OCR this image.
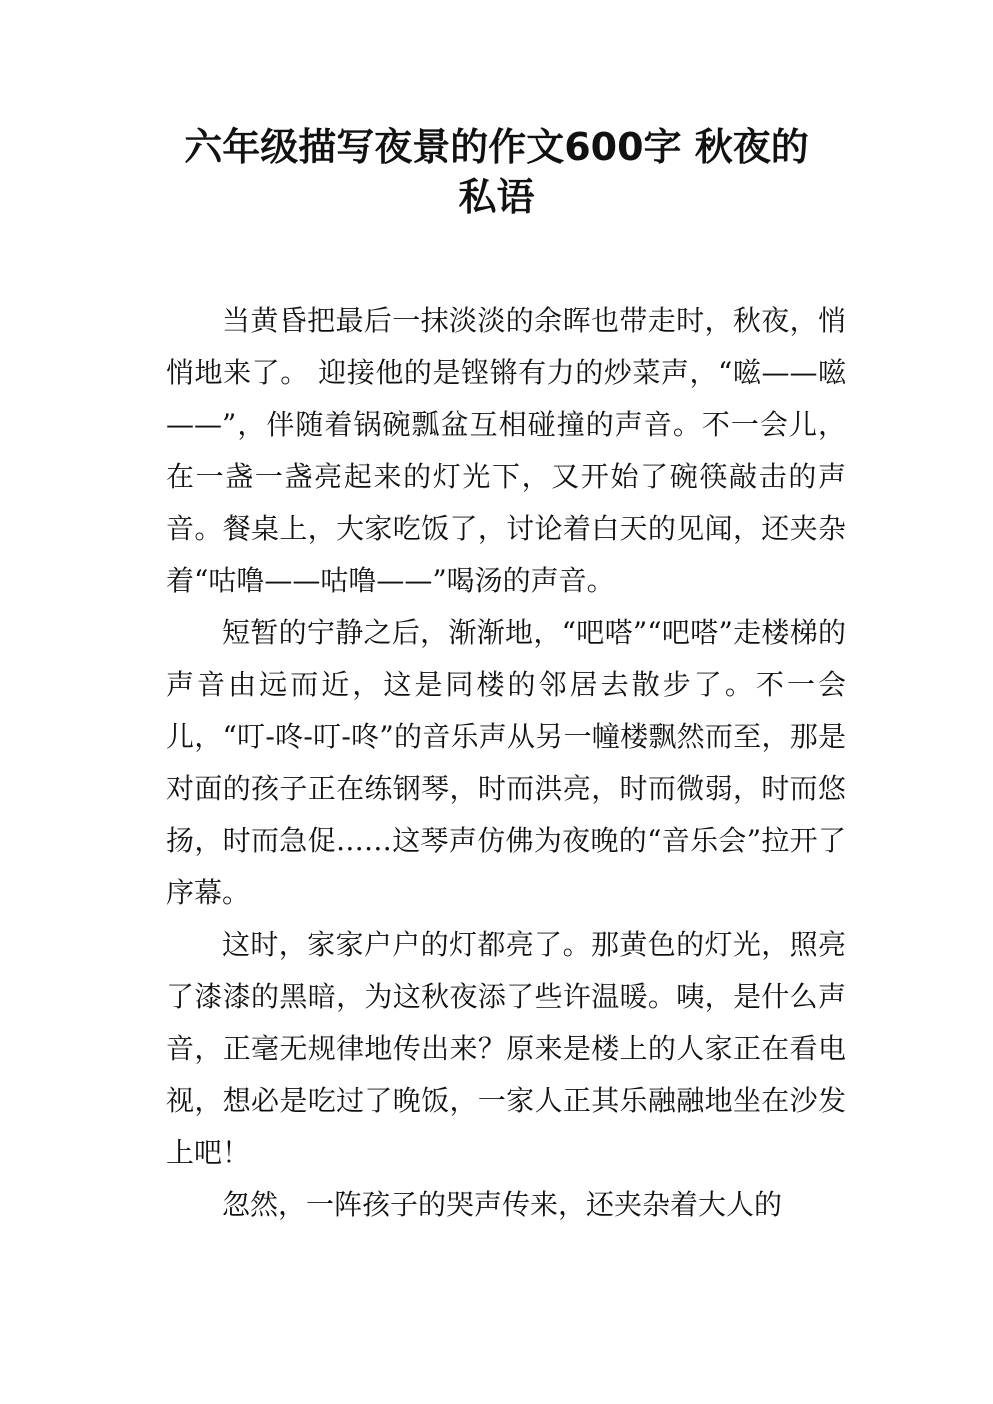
六年级描写夜景的作文600字 秋夜的
私语

当黄昏把最后一抹淡淡的余晖也带走时，秋夜，悄悄地来了。 迎接他的是铿锵有力的炒菜声，“嗞——嗞 ——”，伴随着锅碗瓢盆互相碰撞的声音。不一会儿，在一盏一盏亮起来的灯光下，又开始了碗筷敲击的声音。餐桌上，大家吃饭了，讨论着白天的见闻，还夹杂着“咕噜——咕噜——”喝汤的声音。

短暂的宁静之后，渐渐地，“吧嗒”“吧嗒”走楼梯的声音由远而近，这是同楼的邻居去散步了。不一会儿，“叮-咚-叮-咚”的音乐声从另一幢楼飘然而至，那是对面的孩子正在练钢琴，时而洪亮，时而微弱，时而悠扬，时而急促……这琴声仿佛为夜晚的“音乐会”拉开了序幕。

这时，家家户户的灯都亮了。那黄色的灯光，照亮了漆漆的黑暗，为这秋夜添了些许温暖。咦，是什么声音，正毫无规律地传出来？原来是楼上的人家正在看电视，想必是吃过了晚饭，一家人正其乐融融地坐在沙发上吧！

忽然，一阵孩子的哭声传来，还夹杂着大人的
